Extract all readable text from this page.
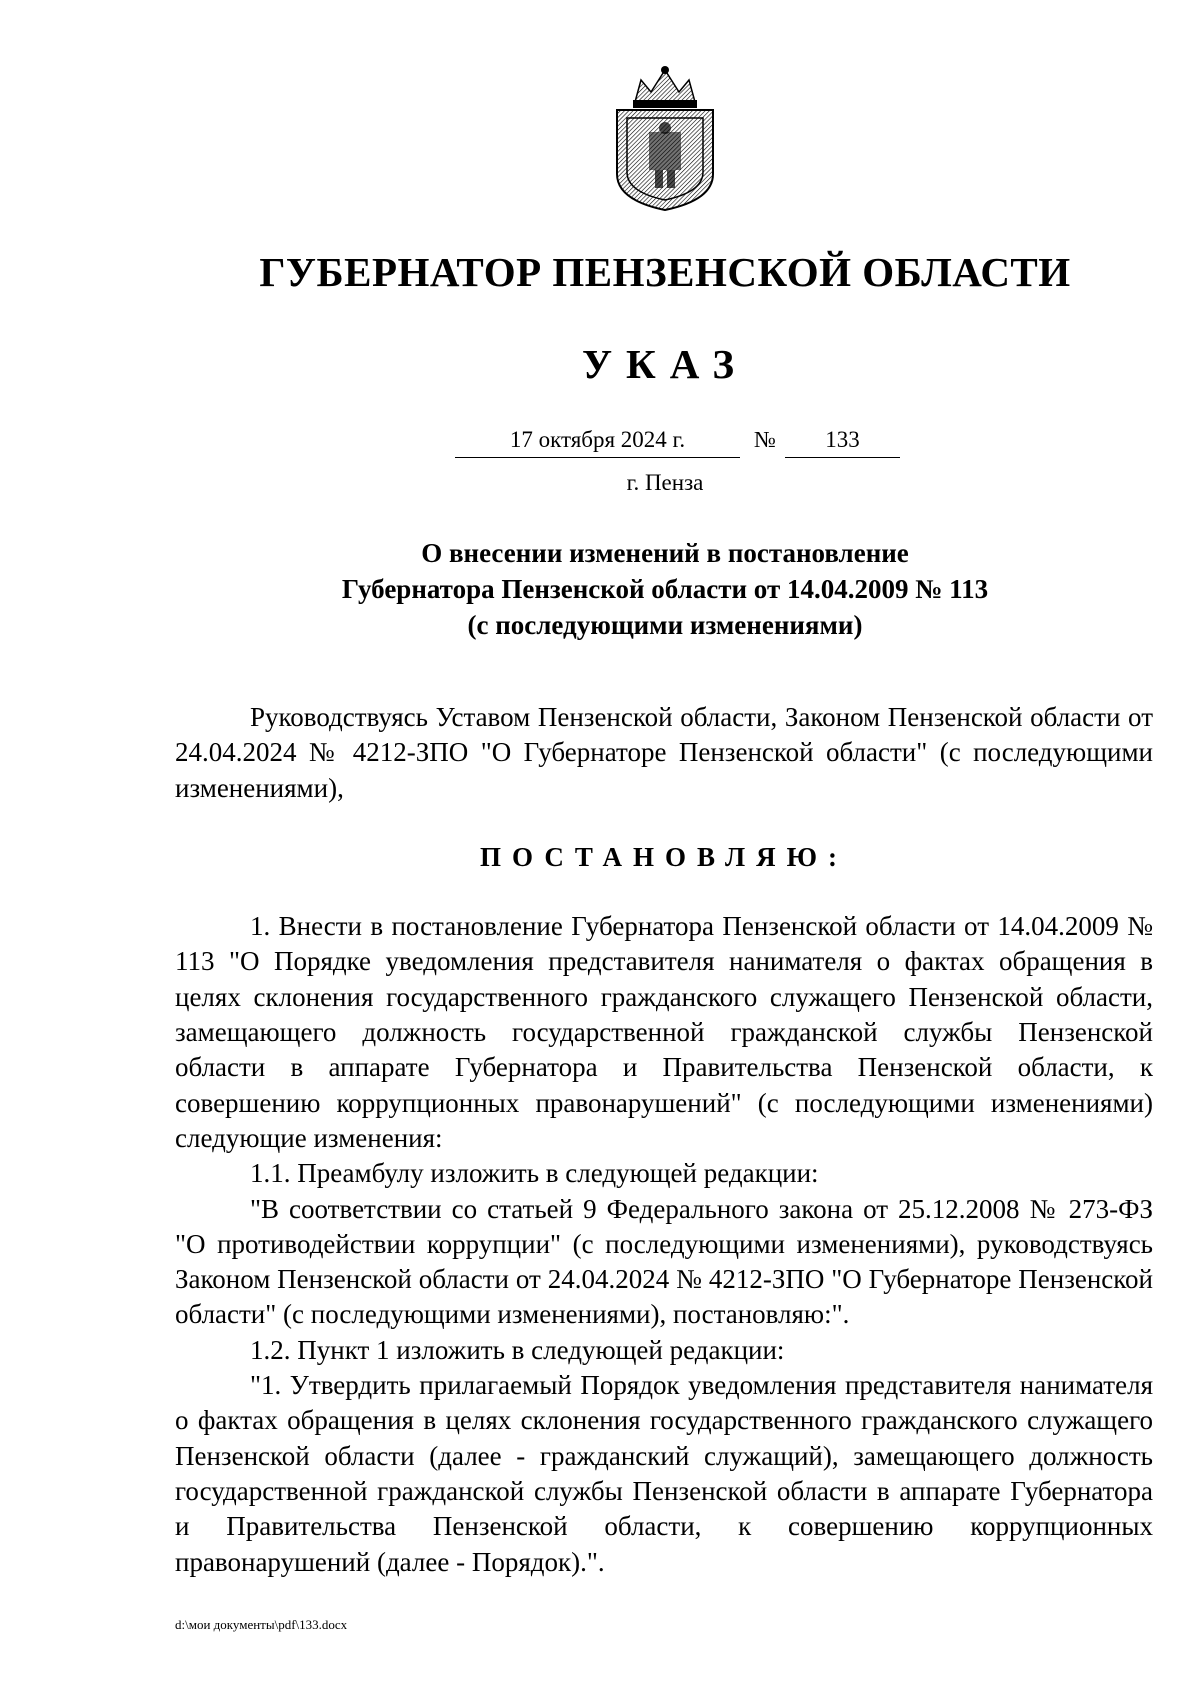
ГУБЕРНАТОР ПЕНЗЕНСКОЙ ОБЛАСТИ
УКАЗ
17 октября 2024 г.	№	133
г. Пенза
О внесении изменений в постановление
Губернатора Пензенской области от 14.04.2009 № 113
(с последующими изменениями)

Руководствуясь Уставом Пензенской области, Законом Пензенской области от 24.04.2024 № 4212-ЗПО "О Губернаторе Пензенской области" (с последующими изменениями),

ПОСТАНОВЛЯЮ:

1. Внести в постановление Губернатора Пензенской области от 14.04.2009 № 113 "О Порядке уведомления представителя нанимателя о фактах обращения в целях склонения государственного гражданского служащего Пензенской области, замещающего должность государственной гражданской службы Пензенской области в аппарате Губернатора и Правительства Пензенской области, к совершению коррупционных правонарушений" (с последующими изменениями) следующие изменения:

1.1. Преамбулу изложить в следующей редакции:

"В соответствии со статьей 9 Федерального закона от 25.12.2008 № 273-ФЗ "О противодействии коррупции" (с последующими изменениями), руководствуясь Законом Пензенской области от 24.04.2024 № 4212-ЗПО "О Губернаторе Пензенской области" (с последующими изменениями), постановляю:".

1.2. Пункт 1 изложить в следующей редакции:

"1. Утвердить прилагаемый Порядок уведомления представителя нанимателя о фактах обращения в целях склонения государственного гражданского служащего Пензенской области (далее - гражданский служащий), замещающего должность государственной гражданской службы Пензенской области в аппарате Губернатора и Правительства Пензенской области, к совершению коррупционных правонарушений (далее - Порядок).".

d:\мои документы\pdf\133.docx
